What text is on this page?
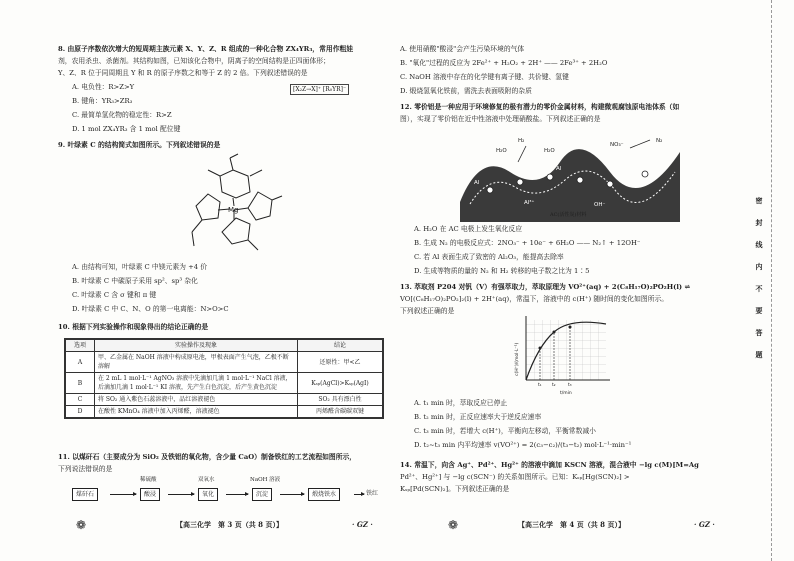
8. 由原子序数依次增大的短周期主族元素 X、Y、Z、R 组成的一种化合物 ZX₄YR₃，常用作粗娃
剂，农用杀虫、杀菌剂。其结构如图，已知该化合物中，阴离子的空间结构是正四面体形；
Y、Z、R 位于同周期且 Y 和 R 的原子序数之和等于 Z 的 2 倍。下列叙述错误的是
A. 电负性：R>Z>Y	[X₂Z→X]⁺ [R₀YR]⁻
B. 键角：YR₃>ZR₃
C. 最简单氢化物的稳定性：R>Z
D. 1 mol ZX₄YR₃ 含 1 mol 配位键
9. 叶绿素 C 的结构简式如图所示。下列叙述错误的是
Mg
A. 由结构可知，叶绿素 C 中镁元素为 +4 价
B. 叶绿素 C 中碳原子采用 sp²、sp³ 杂化
C. 叶绿素 C 含 σ 键和 π 键
D. 叶绿素 C 中 C、N、O 的第一电离能：N>O>C
10. 根据下列实验操作和现象得出的结论正确的是
选项	实验操作及现象	结论
A	甲、乙金属在 NaOH 溶液中构成原电池，甲极表面产生气泡，乙极不断溶解	还原性：甲<乙
B	在 2 mL 1 mol·L⁻¹ AgNO₃ 溶液中先滴加几滴 1 mol·L⁻¹ NaCl 溶液，后滴加几滴 1 mol·L⁻¹ KI 溶液，先产生白色沉淀，后产生黄色沉淀	Kₛₚ(AgCl)>Kₛₚ(AgI)
C	将 SO₂ 通入紫色石蕊溶液中，品红溶液褪色	SO₂ 具有漂白性
D	在酸性 KMnO₄ 溶液中加入丙烯醛，溶液褪色	丙烯醛含碳碳双键
11. 以煤矸石（主要成分为 SiO₂ 及铁铝的氧化物，含少量 CaO）制备铁红的工艺流程如图所示，
下列说法错误的是
稀硫酸	双氧水	NaOH 溶液
煤矸石	酸浸	氧化	沉淀	煅烧铁水	铁红
❁	【高三化学　第 3 页（共 8 页）】	· GZ ·
A. 使用硝酸"酸浸"会产生污染环境的气体
B. "氧化"过程的反应为 2Fe²⁺ + H₂O₂ + 2H⁺ —— 2Fe³⁺ + 2H₂O
C. NaOH 溶液中存在的化学键有离子键、共价键、氢键
D. 煅烧氢氧化铁前，需洗去表面吸附的杂质
12. 零价铝是一种应用于环境修复的极有潜力的零价金属材料，构建微观腐蚀原电池体系（如
图），实现了零价铝在近中性溶液中处理硝酸盐。下列叙述正确的是
H₂O
H₂
H₂O
NO₃⁻
N₂
Al
Al
Al³⁺	OH⁻
AC(活性炭)材料
A. H₂O 在 AC 电极上发生氧化反应
B. 生成 N₂ 的电极反应式：2NO₃⁻ + 10e⁻ + 6H₂O —— N₂↑ + 12OH⁻
C. 若 Al 表面生成了致密的 Al₂O₃，能提高去除率
D. 生成等物质的量的 N₂ 和 H₂ 转移的电子数之比为 1∶5
13. 萃取剂 P204 对钒（V）有强萃取力，萃取原理为 VO²⁺(aq) + 2(C₈H₁₇O)₂PO₂H(l) ⇌
VO[(C₈H₁₇O)₂PO₂]₂(l) + 2H⁺(aq)，常温下，溶液中的 c(H⁺) 随时间的变化如图所示。
下列叙述正确的是
t₁ t₂	t₃
t/min
c(H⁺)/(mol·L⁻¹)
A. t₁ min 时，萃取反应已停止
B. t₂ min 时，正反应速率大于逆反应速率
C. t₃ min 时，若增大 c(H⁺)，平衡向左移动，平衡常数减小
D. t₂~t₃ min 内平均速率 v(VO²⁺) = 2(c₃−c₂)/(t₃−t₂) mol·L⁻¹·min⁻¹
14. 常温下，向含 Ag⁺、Pd²⁺、Hg²⁺ 的溶液中滴加 KSCN 溶液，混合液中 −lg c(M)[M=Ag
Pd²⁺、Hg²⁺] 与 −lg c(SCN⁻) 的关系如图所示。已知：Kₛₚ[Hg(SCN)₂] >
Kₛₚ[Pd(SCN)₂]。下列叙述正确的是
❁	【高三化学　第 4 页（共 8 页）】	· GZ ·
密
封
线
内
不
要
答
题
